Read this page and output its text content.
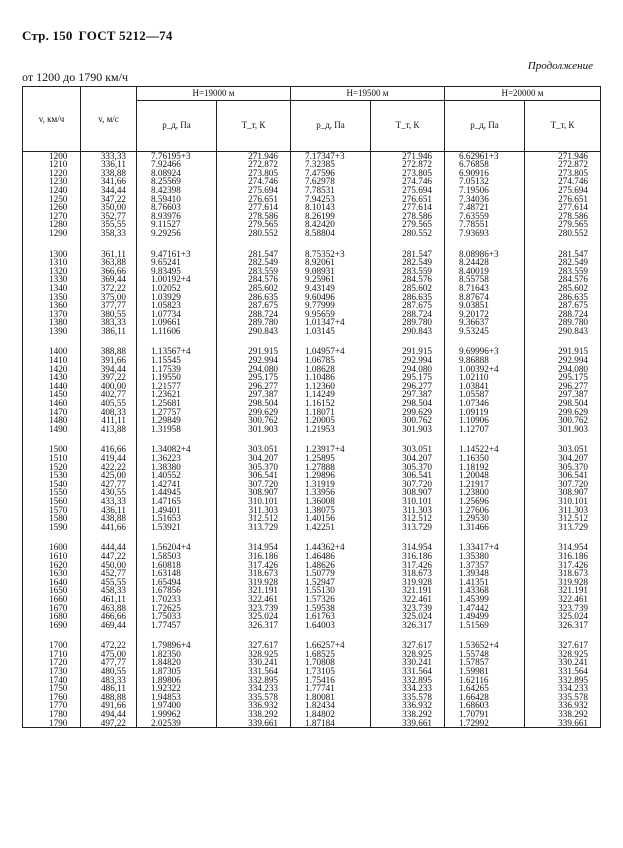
Стр. 150 ГОСТ 5212—74
Продолжение
от 1200 до 1790 км/ч
v, км/ч	v, м/с	H=19000 м		H=19500 м		H=20000 м	
		p_д, Па	T_т, К	p_д, Па	T_т, К	p_д, Па	T_т, К
1200	333,33	7.76195+3	271.946	7.17347+3	271.946	6.62961+3	271.946
1210	336,11	7.92466	272.872	7.32385	272.872	6.76858	272.872
1220	338,88	8.08924	273.805	7.47596	273.805	6.90916	273.805
1230	341,66	8.25569	274.746	7.62978	274.746	7.05132	274.746
1240	344,44	8.42398	275.694	7.78531	275.694	7.19506	275.694
1250	347,22	8.59410	276.651	7.94253	276.651	7.34036	276.651
1260	350,00	8.76603	277.614	8.10143	277.614	7.48721	277.614
1270	352,77	8.93976	278.586	8.26199	278.586	7.63559	278.586
1280	355,55	9.11527	279.565	8.42420	279.565	7.78551	279.565
1290	358,33	9.29256	280.552	8.58804	280.552	7.93693	280.552

1300	361,11	9.47161+3	281.547	8.75352+3	281.547	8.08986+3	281.547
1310	363,88	9.65241	282.549	8.92061	282.549	8.24428	282.549
1320	366,66	9.83495	283.559	9.08931	283.559	8.40019	283.559
1330	369,44	1.00192+4	284.576	9.25961	284.576	8.55758	284.576
1340	372,22	1.02052	285.602	9.43149	285.602	8.71643	285.602
1350	375,00	1.03929	286.635	9.60496	286.635	8.87674	286.635
1360	377,77	1.05823	287.675	9.77999	287.675	9.03851	287.675
1370	380,55	1.07734	288.724	9.95659	288.724	9.20172	288.724
1380	383,33	1.09661	289.780	1.01347+4	289.780	9.36637	289.780
1390	386,11	1.11606	290.843	1.03145	290.843	9.53245	290.843

1400	388,88	1.13567+4	291.915	1.04957+4	291.915	9.69996+3	291.915
1410	391,66	1.15545	292.994	1.06785	292.994	9.86888	292.994
1420	394,44	1.17539	294.080	1.08628	294.080	1.00392+4	294.080
1430	397,22	1.19550	295.175	1.10486	295.175	1.02110	295.175
1440	400,00	1.21577	296.277	1.12360	296.277	1.03841	296.277
1450	402,77	1.23621	297.387	1.14249	297.387	1.05587	297.387
1460	405,55	1.25681	298.504	1.16152	298.504	1.07346	298.504
1470	408,33	1.27757	299.629	1.18071	299.629	1.09119	299.629
1480	411,11	1.29849	300.762	1.20005	300.762	1.10906	300.762
1490	413,88	1.31958	301.903	1.21953	301.903	1.12707	301.903

1500	416,66	1.34082+4	303.051	1.23917+4	303.051	1.14522+4	303.051
1510	419,44	1.36223	304.207	1.25895	304.207	1.16350	304.207
1520	422,22	1.38380	305.370	1.27888	305.370	1.18192	305.370
1530	425,00	1.40552	306.541	1.29896	306.541	1.20048	306.541
1540	427,77	1.42741	307.720	1.31919	307.720	1.21917	307.720
1550	430,55	1.44945	308.907	1.33956	308.907	1.23800	308.907
1560	433,33	1.47165	310.101	1.36008	310.101	1.25696	310.101
1570	436,11	1.49401	311.303	1.38075	311.303	1.27606	311.303
1580	438,88	1.51653	312.512	1.40156	312.512	1.29530	312.512
1590	441,66	1.53921	313.729	1.42251	313.729	1.31466	313.729

1600	444,44	1.56204+4	314.954	1.44362+4	314.954	1.33417+4	314.954
1610	447,22	1.58503	316.186	1.46486	316.186	1.35380	316.186
1620	450,00	1.60818	317.426	1.48626	317.426	1.37357	317.426
1630	452,77	1.63148	318.673	1.50779	318.673	1.39348	318.673
1640	455,55	1.65494	319.928	1.52947	319.928	1.41351	319.928
1650	458,33	1.67856	321.191	1.55130	321.191	1.43368	321.191
1660	461,11	1.70233	322.461	1.57326	322.461	1.45399	322.461
1670	463,88	1.72625	323.739	1.59538	323.739	1.47442	323.739
1680	466,66	1.75033	325.024	1.61763	325.024	1.49499	325.024
1690	469,44	1.77457	326.317	1.64003	326.317	1.51569	326.317

1700	472,22	1.79896+4	327.617	1.66257+4	327.617	1.53652+4	327.617
1710	475,00	1.82350	328.925	1.68525	328.925	1.55748	328.925
1720	477,77	1.84820	330.241	1.70808	330.241	1.57857	330.241
1730	480,55	1.87305	331.564	1.73105	331.564	1.59981	331.564
1740	483,33	1.89806	332.895	1.75416	332.895	1.62116	332.895
1750	486,11	1.92322	334.233	1.77741	334.233	1.64265	334.233
1760	488,88	1.94853	335.578	1.80081	335.578	1.66428	335.578
1770	491,66	1.97400	336.932	1.82434	336.932	1.68603	336.932
1780	494,44	1.99962	338.292	1.84802	338.292	1.70791	338.292
1790	497,22	2.02539	339.661	1.87184	339.661	1.72992	339.661
